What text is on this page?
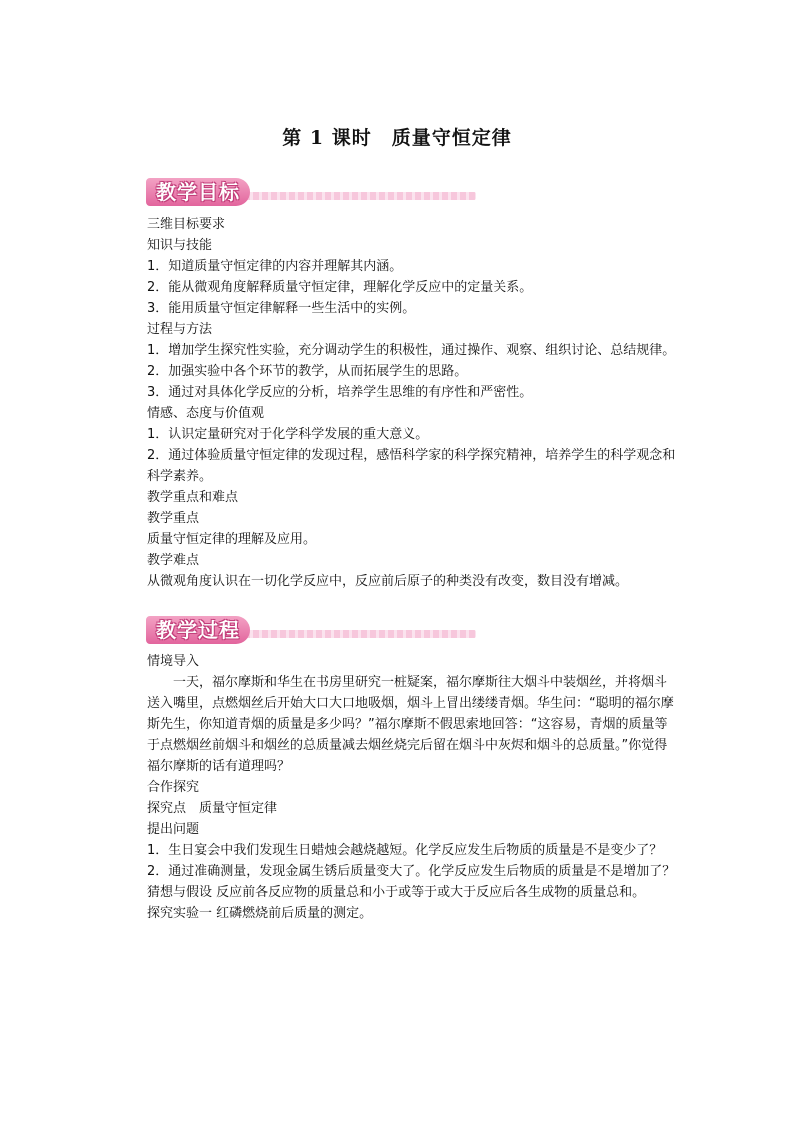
第 1 课时　质量守恒定律
教学目标

三维目标要求

知识与技能

1．知道质量守恒定律的内容并理解其内涵。

2．能从微观角度解释质量守恒定律，理解化学反应中的定量关系。

3．能用质量守恒定律解释一些生活中的实例。

过程与方法

1．增加学生探究性实验，充分调动学生的积极性，通过操作、观察、组织讨论、总结规律。

2．加强实验中各个环节的教学，从而拓展学生的思路。

3．通过对具体化学反应的分析，培养学生思维的有序性和严密性。

情感、态度与价值观

1．认识定量研究对于化学科学发展的重大意义。

2．通过体验质量守恒定律的发现过程，感悟科学家的科学探究精神，培养学生的科学观念和科学素养。

教学重点和难点

教学重点

质量守恒定律的理解及应用。

教学难点

从微观角度认识在一切化学反应中，反应前后原子的种类没有改变，数目没有增减。

教学过程

情境导入

一天，福尔摩斯和华生在书房里研究一桩疑案，福尔摩斯往大烟斗中装烟丝，并将烟斗送入嘴里，点燃烟丝后开始大口大口地吸烟，烟斗上冒出缕缕青烟。华生问：“聪明的福尔摩斯先生，你知道青烟的质量是多少吗？”福尔摩斯不假思索地回答：“这容易，青烟的质量等于点燃烟丝前烟斗和烟丝的总质量减去烟丝烧完后留在烟斗中灰烬和烟斗的总质量。”你觉得福尔摩斯的话有道理吗？

合作探究

探究点　质量守恒定律

提出问题

1．生日宴会中我们发现生日蜡烛会越烧越短。化学反应发生后物质的质量是不是变少了？

2．通过准确测量，发现金属生锈后质量变大了。化学反应发生后物质的质量是不是增加了？

猜想与假设 反应前各反应物的质量总和小于或等于或大于反应后各生成物的质量总和。

探究实验一 红磷燃烧前后质量的测定。
